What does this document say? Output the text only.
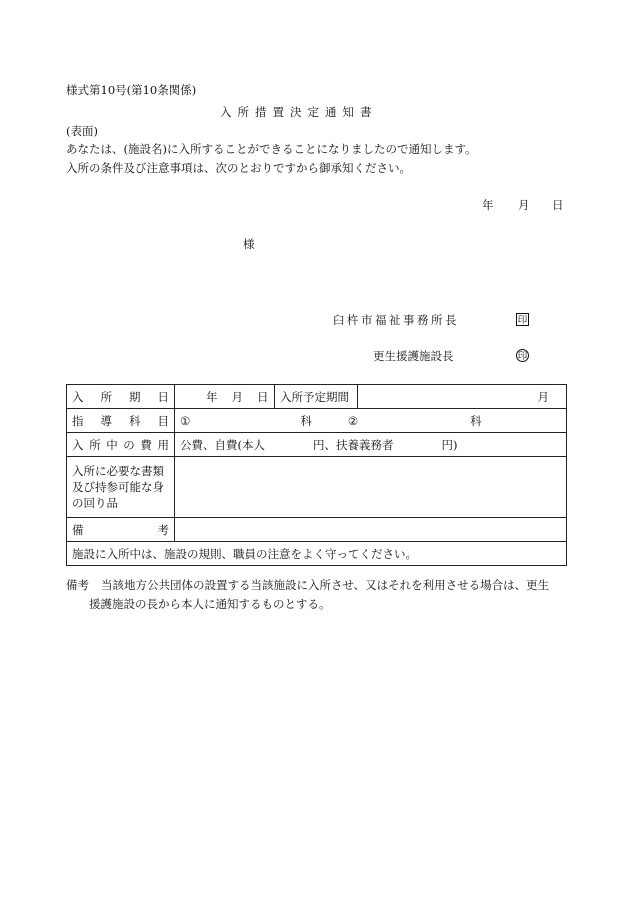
様式第10号(第10条関係)
入所措置決定通知書
(表面)
あなたは、(施設名)に入所することができることになりましたので通知します。
入所の条件及び注意事項は、次のとおりですから御承知ください。
年 月 日
様
臼杵市福祉事務所長	印
更生援護施設長	印
入所期日	年 月 日	入所予定期間	月
指導科目	① 科 ② 科		

入所中の費用	公費、自費(本人 円、扶養義務者 円)		

入所に必要な書類及び持参可能な身の回り品			
備考			
施設に入所中は、施設の規則、職員の注意をよく守ってください。			
備考 当該地方公共団体の設置する当該施設に入所させ、又はそれを利用させる場合は、更生
援護施設の長から本人に通知するものとする。
